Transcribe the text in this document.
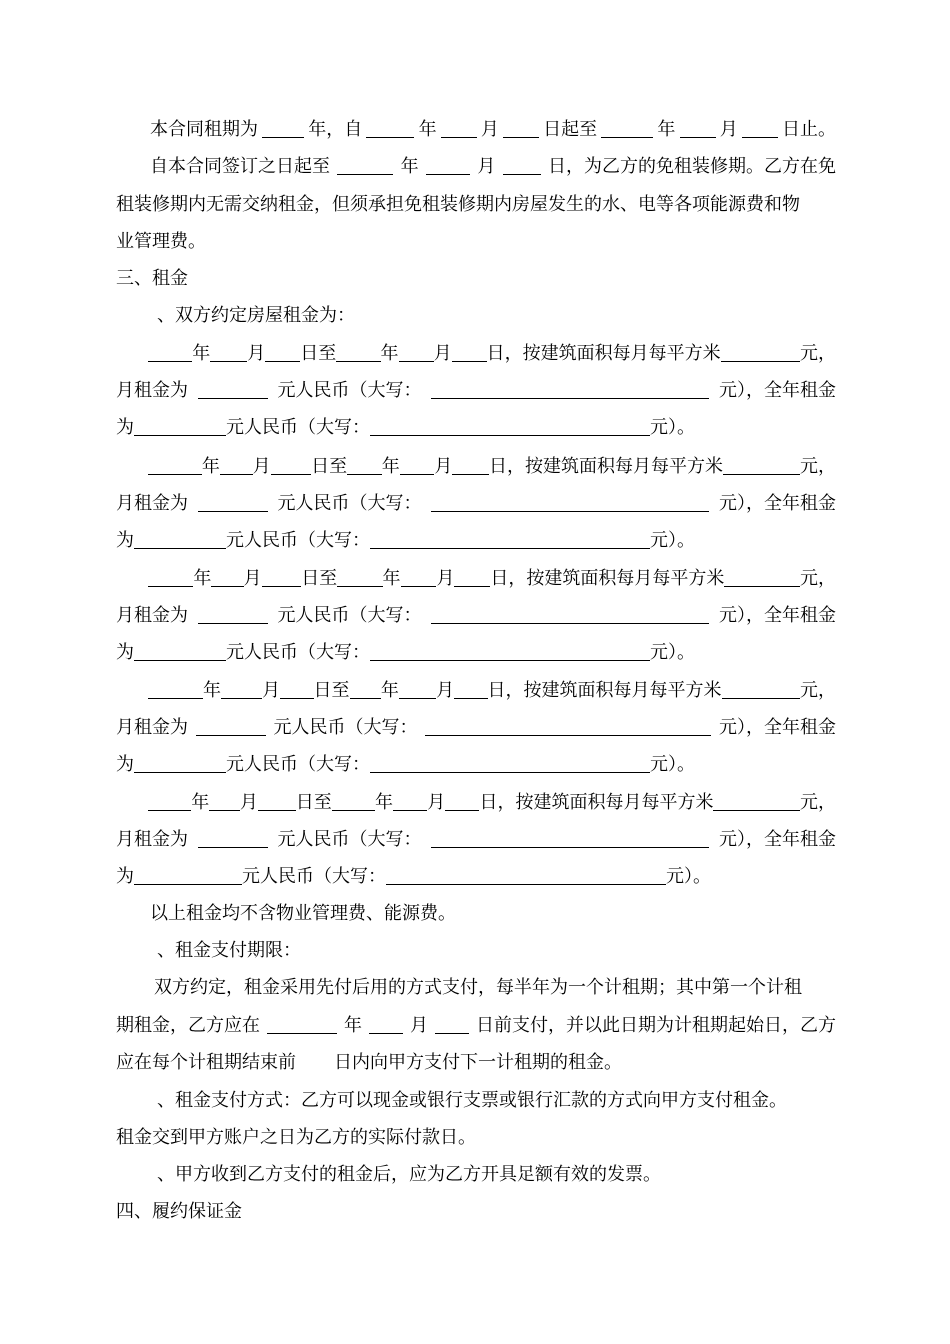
本合同租期为	年，自	年 月 日起至	年 月 日止。
自本合同签订之日起至	年	月	日，为乙方的免租装修期。乙方在免
租装修期内无需交纳租金，但须承担免租装修期内房屋发生的水、电等各项能源费和物
业管理费。
三、租金
、双方约定房屋租金为：
年 月 日至 年 月 日，按建筑面积每月每平方米	元，
月租金为	元人民币（大写：	元），全年租金
为	元人民币（大写：	元）。
年 月 日至 年 月 日，按建筑面积每月每平方米	元，
月租金为	元人民币（大写：	元），全年租金
为	元人民币（大写：	元）。
年 月 日至	年 月 日，按建筑面积每月每平方米	元，
月租金为	元人民币（大写：	元），全年租金
为	元人民币（大写：	元）。
年 月 日至 年 月 日，按建筑面积每月每平方米	元，
月租金为	元人民币（大写：	元），全年租金
为	元人民币（大写：	元）。
年 月 日至 年 月 日，按建筑面积每月每平方米	元，
月租金为	元人民币（大写：	元），全年租金
为	元人民币（大写：	元）。
以上租金均不含物业管理费、能源费。
、租金支付期限：
双方约定，租金采用先付后用的方式支付，每半年为一个计租期；其中第一个计租
期租金，乙方应在	年	月	日前支付，并以此日期为计租期起始日，乙方
应在每个计租期结束前 日内向甲方支付下一计租期的租金。
、租金支付方式：乙方可以现金或银行支票或银行汇款的方式向甲方支付租金。
租金交到甲方账户之日为乙方的实际付款日。
、甲方收到乙方支付的租金后，应为乙方开具足额有效的发票。
四、履约保证金
